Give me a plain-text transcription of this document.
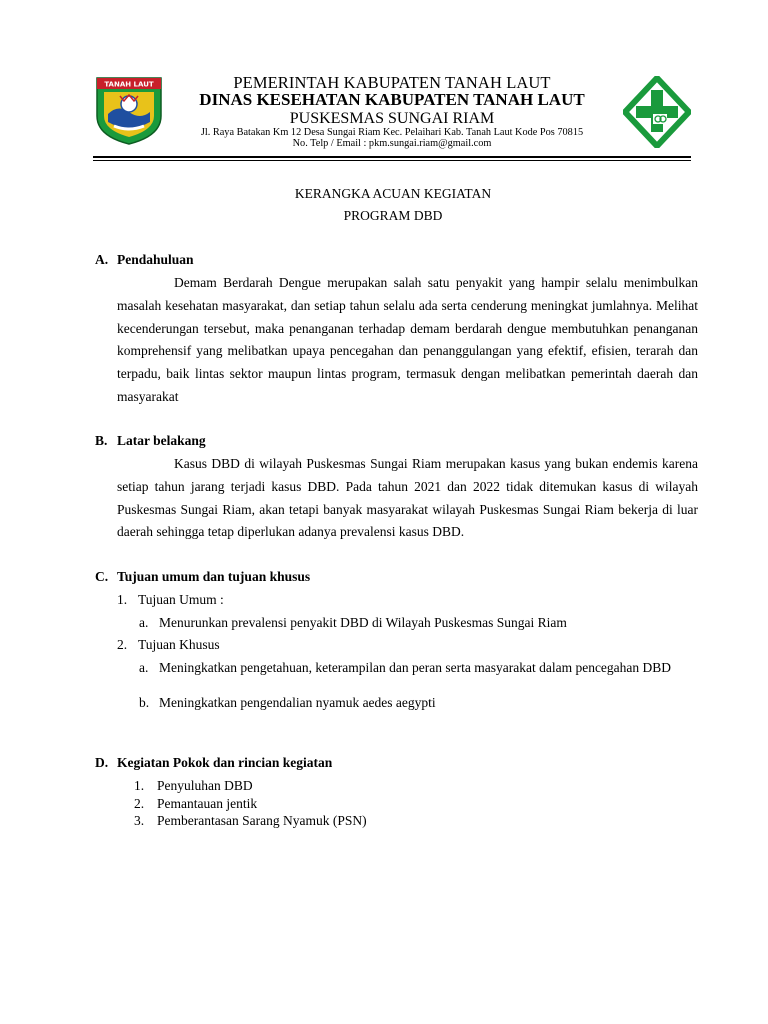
TANAH LAUT	PEMERINTAH KABUPATEN TANAH LAUT
DINAS KESEHATAN KABUPATEN TANAH LAUT
PUSKESMAS SUNGAI RIAM
Jl. Raya Batakan Km 12 Desa Sungai Riam Kec. Pelaihari Kab. Tanah Laut Kode Pos 70815
No. Telp / Email : pkm.sungai.riam@gmail.com
KERANGKA ACUAN KEGIATAN
PROGRAM DBD
A. Pendahuluan

Demam Berdarah Dengue merupakan salah satu penyakit yang hampir selalu menimbulkan masalah kesehatan masyarakat, dan setiap tahun selalu ada serta cenderung meningkat jumlahnya. Melihat kecenderungan tersebut, maka penanganan terhadap demam berdarah dengue membutuhkan penanganan komprehensif yang melibatkan upaya pencegahan dan penanggulangan yang efektif, efisien, terarah dan terpadu, baik lintas sektor maupun lintas program, termasuk dengan melibatkan pemerintah daerah dan masyarakat

B. Latar belakang

Kasus DBD di wilayah Puskesmas Sungai Riam merupakan kasus yang bukan endemis karena setiap tahun jarang terjadi kasus DBD. Pada tahun 2021 dan 2022 tidak ditemukan kasus di wilayah Puskesmas Sungai Riam, akan tetapi banyak masyarakat wilayah Puskesmas Sungai Riam bekerja di luar daerah sehingga tetap diperlukan adanya prevalensi kasus DBD.

C. Tujuan umum dan tujuan khusus
1. Tujuan Umum :
a. Menurunkan prevalensi penyakit DBD di Wilayah Puskesmas Sungai Riam
2. Tujuan Khusus
a. Meningkatkan pengetahuan, keterampilan dan peran serta masyarakat dalam pencegahan DBD
b. Meningkatkan pengendalian nyamuk aedes aegypti
D. Kegiatan Pokok dan rincian kegiatan
1. Penyuluhan DBD
2. Pemantauan jentik
3. Pemberantasan Sarang Nyamuk (PSN)
